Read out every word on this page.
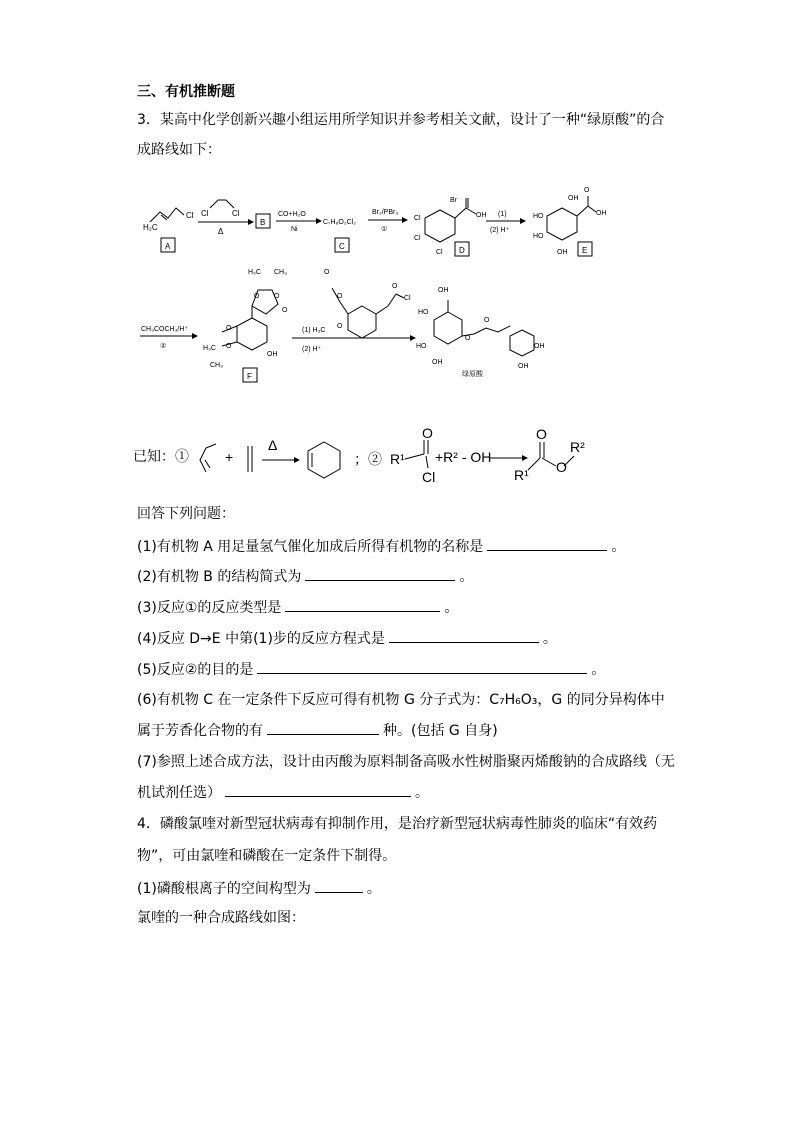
三、有机推断题
3．某高中化学创新兴趣小组运用所学知识并参考相关文献，设计了一种“绿原酸”的合
成路线如下：
H₂C
Cl
A
Cl	Cl
Δ
B
CO+H₂O
Ni
C₇H₈O₂Cl₂
C
Br₂/PBr₃
①
Br
OH
Cl
Cl
Cl D
(1)
(2) H⁺
OH
O
OH
HO
HO
OH E
CH₃COCH₃/H⁺
②
H₃C CH₃
O O
O
O
O
H₃C
CH₃
OH
F
O
Cl
O
O
O
(1) H₃C
(2) H⁺
OH
HO
HO
OH
O
O
OH
OH
绿原酸
已知：①	+
Δ
；② R¹
O
Cl
+R² - OH
O
O
R¹
R²
回答下列问题：
(1)有机物 A 用足量氢气催化加成后所得有机物的名称是	。
(2)有机物 B 的结构简式为	。
(3)反应①的反应类型是	。
(4)反应 D→E 中第(1)步的反应方程式是	。
(5)反应②的目的是	。
(6)有机物 C 在一定条件下反应可得有机物 G 分子式为：C₇H₆O₃，G 的同分异构体中
属于芳香化合物的有	种。(包括 G 自身)
(7)参照上述合成方法，设计由丙酸为原料制备高吸水性树脂聚丙烯酸钠的合成路线（无
机试剂任选）	。
4．磷酸氯喹对新型冠状病毒有抑制作用，是治疗新型冠状病毒性肺炎的临床“有效药
物”，可由氯喹和磷酸在一定条件下制得。
(1)磷酸根离子的空间构型为	。
氯喹的一种合成路线如图：
